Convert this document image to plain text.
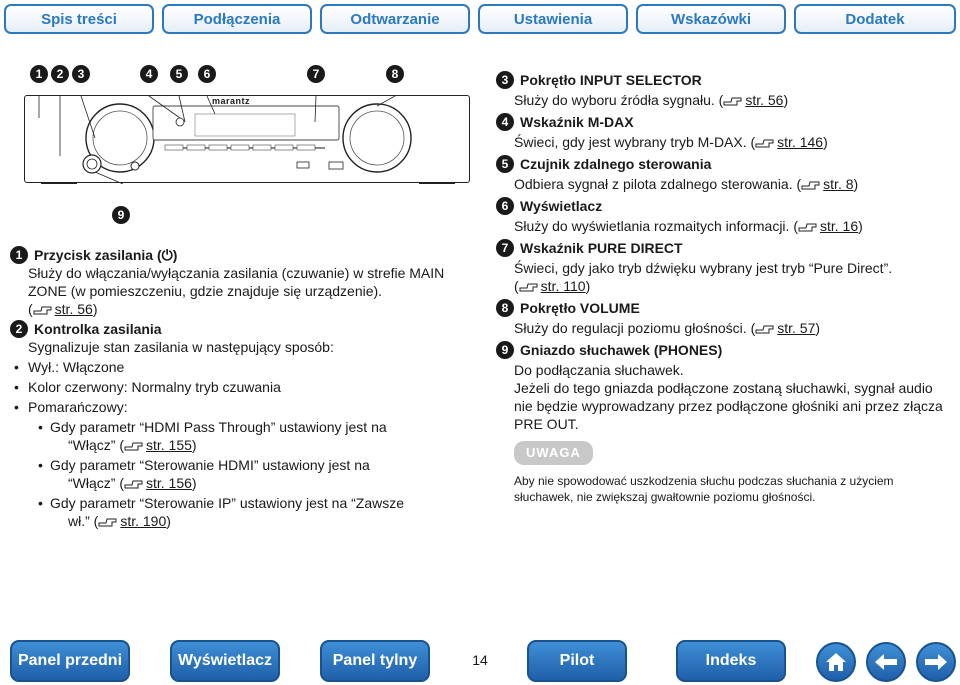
Spis treści	Podłączenia	Odtwarzanie	Ustawienia	Wskazówki	Dodatek
1	2	3	4	5	6	7	8
marantz
9
1 Przycisk zasilania (⏻)
Służy do włączania/wyłączania zasilania (czuwanie) w strefie MAIN ZONE (w pomieszczeniu, gdzie znajduje się urządzenie).
( str. 56)
2 Kontrolka zasilania
Sygnalizuje stan zasilania w następujący sposób:
• Wył.: Włączone
• Kolor czerwony: Normalny tryb czuwania
• Pomarańczowy:
• Gdy parametr “HDMI Pass Through” ustawiony jest na
“Włącz” ( str. 155)
• Gdy parametr “Sterowanie HDMI” ustawiony jest na
“Włącz” ( str. 156)
• Gdy parametr “Sterowanie IP” ustawiony jest na “Zawsze
wł.” ( str. 190)
3 Pokrętło INPUT SELECTOR
Służy do wyboru źródła sygnału. ( str. 56)
4 Wskaźnik M-DAX
Świeci, gdy jest wybrany tryb M-DAX. ( str. 146)
5 Czujnik zdalnego sterowania
Odbiera sygnał z pilota zdalnego sterowania. ( str. 8)
6 Wyświetlacz
Służy do wyświetlania rozmaitych informacji. ( str. 16)
7 Wskaźnik PURE DIRECT
Świeci, gdy jako tryb dźwięku wybrany jest tryb “Pure Direct”.
( str. 110)
8 Pokrętło VOLUME
Służy do regulacji poziomu głośności. ( str. 57)
9 Gniazdo słuchawek (PHONES)
Do podłączania słuchawek.
Jeżeli do tego gniazda podłączone zostaną słuchawki, sygnał audio nie będzie wyprowadzany przez podłączone głośniki ani przez złącza PRE OUT.
UWAGA
Aby nie spowodować uszkodzenia słuchu podczas słuchania z użyciem słuchawek, nie zwiększaj gwałtownie poziomu głośności.
Panel przedni	Wyświetlacz	Panel tylny	14	Pilot	Indeks
